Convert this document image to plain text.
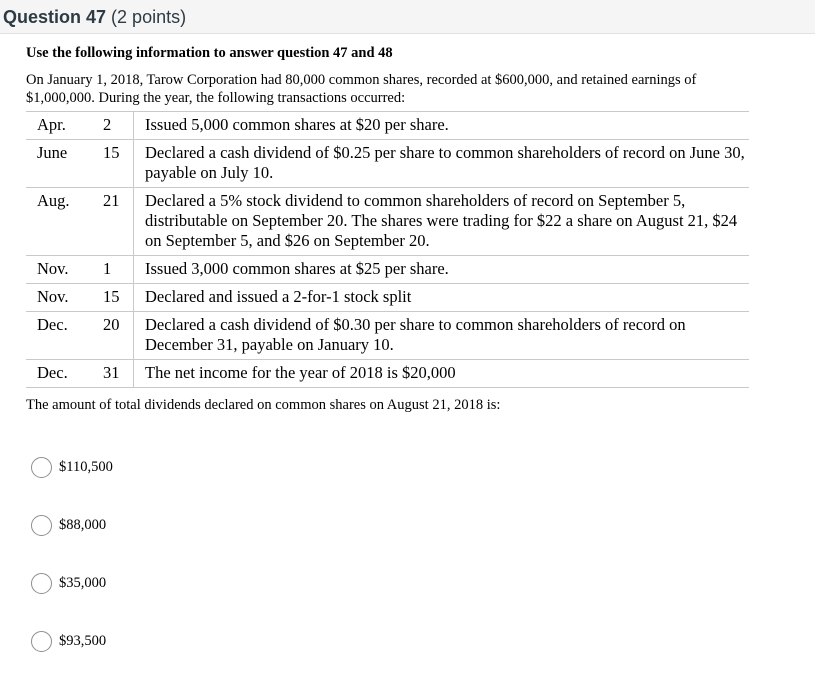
Question 47 (2 points)
Use the following information to answer question 47 and 48
On January 1, 2018, Tarow Corporation had 80,000 common shares, recorded at $600,000, and retained earnings of $1,000,000. During the year, the following transactions occurred:
Apr.	2	Issued 5,000 common shares at $20 per share.
June	15	Declared a cash dividend of $0.25 per share to common shareholders of record on June 30, payable on July 10.
Aug.	21	Declared a 5% stock dividend to common shareholders of record on September 5, distributable on September 20. The shares were trading for $22 a share on August 21, $24 on September 5, and $26 on September 20.
Nov.	1	Issued 3,000 common shares at $25 per share.
Nov.	15	Declared and issued a 2-for-1 stock split
Dec.	20	Declared a cash dividend of $0.30 per share to common shareholders of record on December 31, payable on January 10.
Dec.	31	The net income for the year of 2018 is $20,000
The amount of total dividends declared on common shares on August 21, 2018 is:
$110,500
$88,000
$35,000
$93,500
